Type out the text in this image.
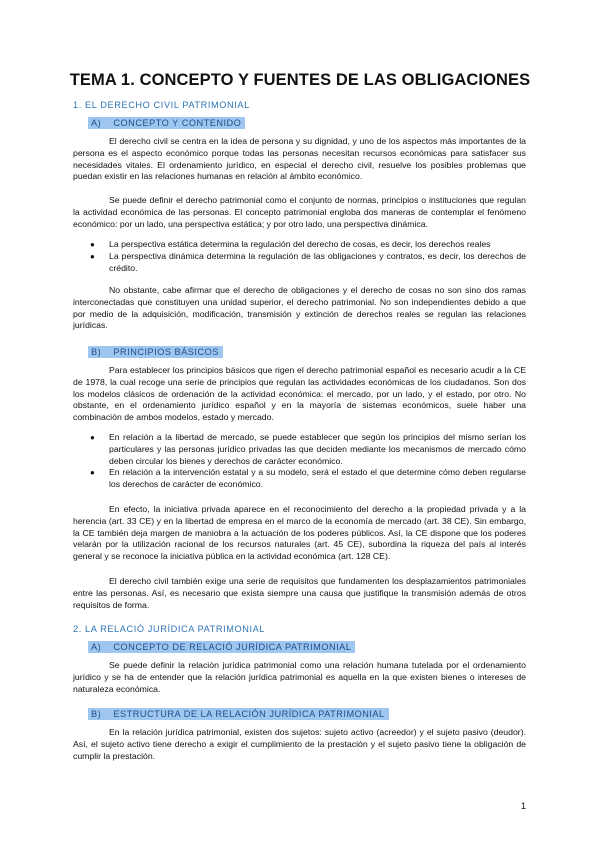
TEMA 1. CONCEPTO Y FUENTES DE LAS OBLIGACIONES
1. EL DERECHO CIVIL PATRIMONIAL
A)    CONCEPTO Y CONTENIDO

El derecho civil se centra en la idea de persona y su dignidad, y uno de los aspectos más importantes de la persona es el aspecto económico porque todas las personas necesitan recursos económicas para satisfacer sus necesidades vitales. El ordenamiento jurídico, en especial el derecho civil, resuelve los posibles problemas que puedan existir en las relaciones humanas en relación al ámbito económico.

Se puede definir el derecho patrimonial como el conjunto de normas, principios o instituciones que regulan la actividad económica de las personas. El concepto patrimonial engloba dos maneras de contemplar el fenómeno económico: por un lado, una perspectiva estática; y por otro lado, una perspectiva dinámica.

● La perspectiva estática determina la regulación del derecho de cosas, es decir, los derechos reales
● La perspectiva dinámica determina la regulación de las obligaciones y contratos, es decir, los derechos de crédito.

No obstante, cabe afirmar que el derecho de obligaciones y el derecho de cosas no son sino dos ramas interconectadas que constituyen una unidad superior, el derecho patrimonial. No son independientes debido a que por medio de la adquisición, modificación, transmisión y extinción de derechos reales se regulan las relaciones jurídicas.

B)    PRINCIPIOS BÁSICOS

Para establecer los principios básicos que rigen el derecho patrimonial español es necesario acudir a la CE de 1978, la cual recoge una serie de principios que regulan las actividades económicas de los ciudadanos. Son dos los modelos clásicos de ordenación de la actividad económica: el mercado, por un lado, y el estado, por otro. No obstante, en el ordenamiento jurídico español y en la mayoría de sistemas económicos, suele haber una combinación de ambos modelos, estado y mercado.

● En relación a la libertad de mercado, se puede establecer que según los principios del mismo serían los particulares y las personas jurídico privadas las que deciden mediante los mecanismos de mercado cómo deben circular los bienes y derechos de carácter económico.
● En relación a la intervención estatal y a su modelo, será el estado el que determine cómo deben regularse los derechos de carácter de económico.

En efecto, la iniciativa privada aparece en el reconocimiento del derecho a la propiedad privada y a la herencia (art. 33 CE) y en la libertad de empresa en el marco de la economía de mercado (art. 38 CE). Sin embargo, la CE también deja margen de maniobra a la actuación de los poderes públicos. Así, la CE dispone que los poderes velarán por la utilización racional de los recursos naturales (art. 45 CE), subordina la riqueza del país al interés general y se reconoce la iniciativa pública en la actividad económica (art. 128 CE).

El derecho civil también exige una serie de requisitos que fundamenten los desplazamientos patrimoniales entre las personas. Así, es necesario que exista siempre una causa que justifique la transmisión además de otros requisitos de forma.

2. LA RELACIÓ JURÍDICA PATRIMONIAL
A)    CONCEPTO DE RELACIÓ JURÍDICA PATRIMONIAL

Se puede definir la relación jurídica patrimonial como una relación humana tutelada por el ordenamiento jurídico y se ha de entender que la relación jurídica patrimonial es aquella en la que existen bienes o intereses de naturaleza económica.

B)    ESTRUCTURA DE LA RELACIÓN JURÍDICA PATRIMONIAL

En la relación jurídica patrimonial, existen dos sujetos: sujeto activo (acreedor) y el sujeto pasivo (deudor). Así, el sujeto activo tiene derecho a exigir el cumplimiento de la prestación y el sujeto pasivo tiene la obligación de cumplir la prestación.

1
